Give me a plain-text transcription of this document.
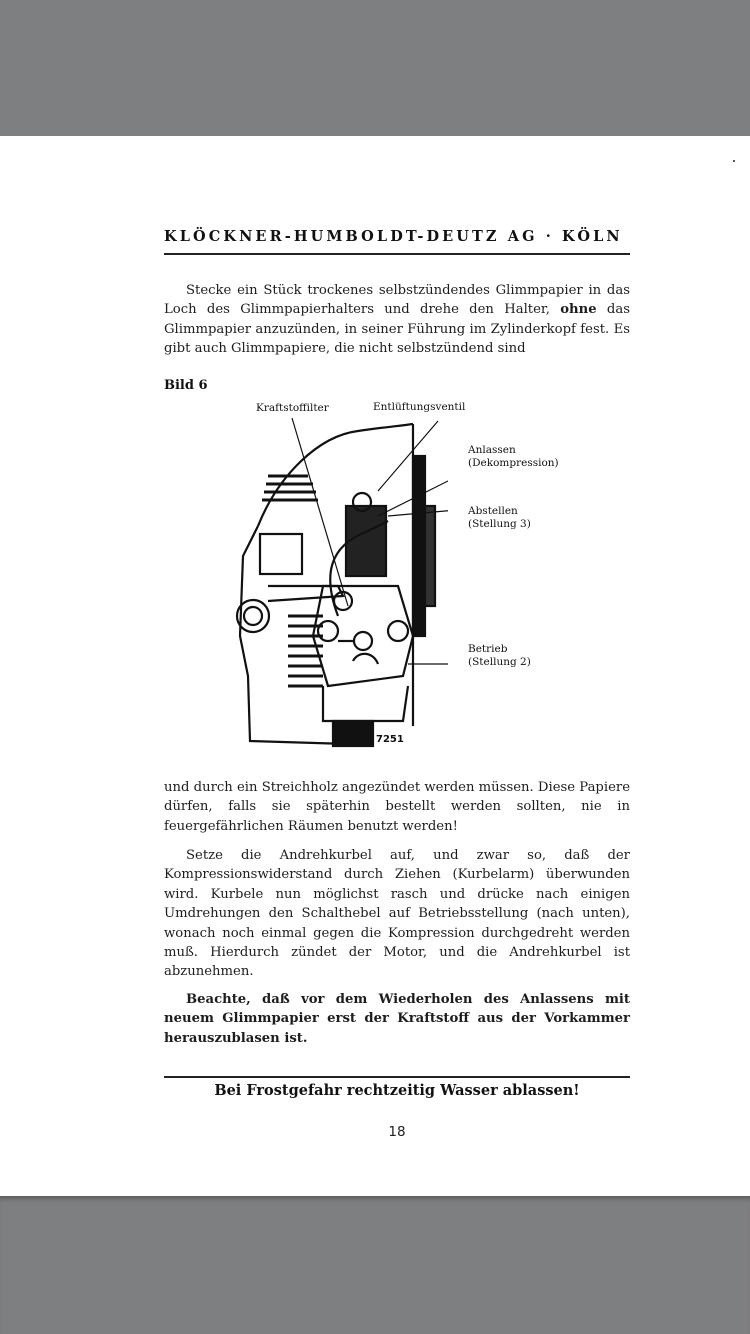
KLÖCKNER-HUMBOLDT-DEUTZ AG · KÖLN

Stecke ein Stück trockenes selbstzündendes Glimmpapier in das Loch des Glimmpapierhalters und drehe den Halter, ohne das Glimmpapier anzuzünden, in seiner Führung im Zylinderkopf fest. Es gibt auch Glimmpapiere, die nicht selbstzündend sind

Bild 6
Kraftstoffilter	Entlüftungsventil
Anlassen
(Dekompression)
Abstellen
(Stellung 3)
Betrieb
(Stellung 2)
7251

und durch ein Streichholz angezündet werden müssen. Diese Papiere dürfen, falls sie späterhin bestellt werden sollten, nie in feuergefährlichen Räumen benutzt werden!

Setze die Andrehkurbel auf, und zwar so, daß der Kompressionswiderstand durch Ziehen (Kurbelarm) überwunden wird. Kurbele nun möglichst rasch und drücke nach einigen Umdrehungen den Schalthebel auf Betriebsstellung (nach unten), wonach noch einmal gegen die Kompression durchgedreht werden muß. Hierdurch zündet der Motor, und die Andrehkurbel ist abzunehmen.

Beachte, daß vor dem Wiederholen des Anlassens mit neuem Glimmpapier erst der Kraftstoff aus der Vorkammer herauszublasen ist.

Bei Frostgefahr rechtzeitig Wasser ablassen!
18
